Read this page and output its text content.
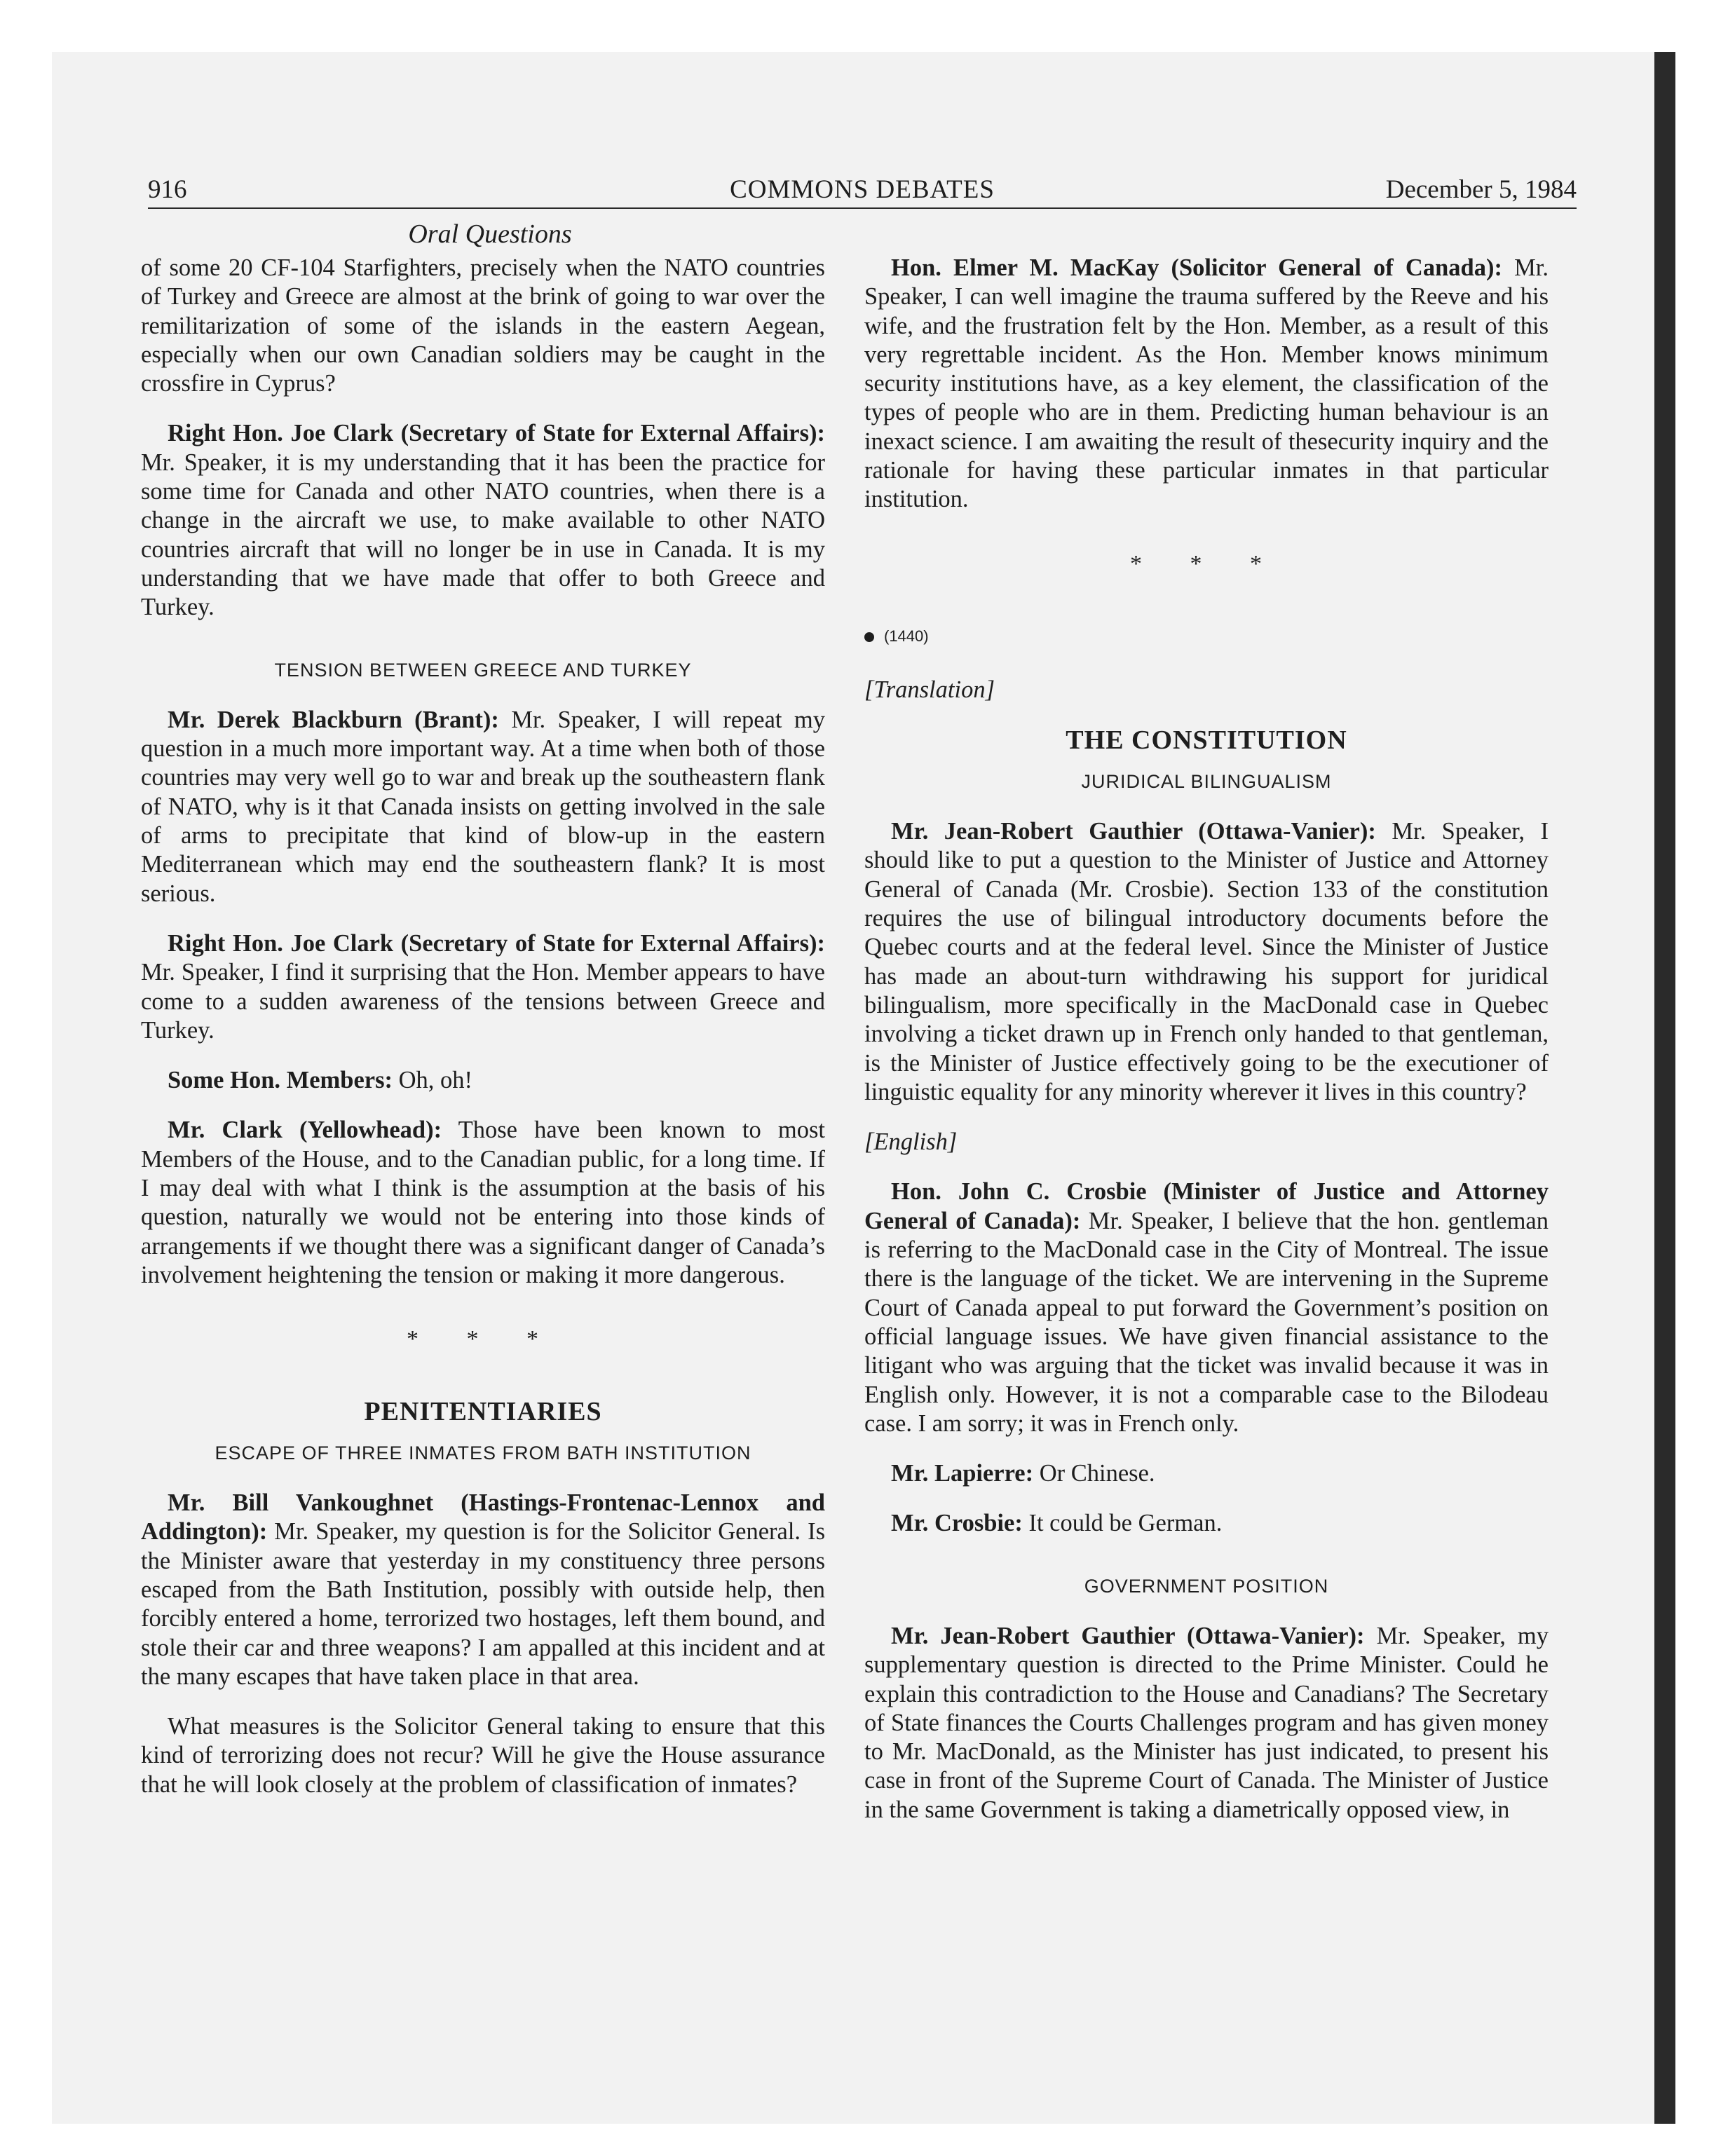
916	COMMONS DEBATES	December 5, 1984
Oral Questions

of some 20 CF-104 Starfighters, precisely when the NATO countries of Turkey and Greece are almost at the brink of going to war over the remilitarization of some of the islands in the eastern Aegean, especially when our own Canadian soldiers may be caught in the crossfire in Cyprus?

Right Hon. Joe Clark (Secretary of State for External Affairs): Mr. Speaker, it is my understanding that it has been the practice for some time for Canada and other NATO countries, when there is a change in the aircraft we use, to make available to other NATO countries aircraft that will no longer be in use in Canada. It is my understanding that we have made that offer to both Greece and Turkey.

TENSION BETWEEN GREECE AND TURKEY

Mr. Derek Blackburn (Brant): Mr. Speaker, I will repeat my question in a much more important way. At a time when both of those countries may very well go to war and break up the southeastern flank of NATO, why is it that Canada insists on getting involved in the sale of arms to precipitate that kind of blow-up in the eastern Mediterranean which may end the southeastern flank? It is most serious.

Right Hon. Joe Clark (Secretary of State for External Affairs): Mr. Speaker, I find it surprising that the Hon. Member appears to have come to a sudden awareness of the tensions between Greece and Turkey.

Some Hon. Members: Oh, oh!

Mr. Clark (Yellowhead): Those have been known to most Members of the House, and to the Canadian public, for a long time. If I may deal with what I think is the assumption at the basis of his question, naturally we would not be entering into those kinds of arrangements if we thought there was a significant danger of Canada’s involvement heightening the tension or making it more dangerous.

* * *
PENITENTIARIES
ESCAPE OF THREE INMATES FROM BATH INSTITUTION

Mr. Bill Vankoughnet (Hastings-Frontenac-Lennox and Addington): Mr. Speaker, my question is for the Solicitor General. Is the Minister aware that yesterday in my constituency three persons escaped from the Bath Institution, possibly with outside help, then forcibly entered a home, terrorized two hostages, left them bound, and stole their car and three weapons? I am appalled at this incident and at the many escapes that have taken place in that area.

What measures is the Solicitor General taking to ensure that this kind of terrorizing does not recur? Will he give the House assurance that he will look closely at the problem of classification of inmates?

Hon. Elmer M. MacKay (Solicitor General of Canada): Mr. Speaker, I can well imagine the trauma suffered by the Reeve and his wife, and the frustration felt by the Hon. Member, as a result of this very regrettable incident. As the Hon. Member knows minimum security institutions have, as a key element, the classification of the types of people who are in them. Predicting human behaviour is an inexact science. I am awaiting the result of thesecurity inquiry and the rationale for having these particular inmates in that particular institution.

* * *
(1440)

[Translation]

THE CONSTITUTION
JURIDICAL BILINGUALISM

Mr. Jean-Robert Gauthier (Ottawa-Vanier): Mr. Speaker, I should like to put a question to the Minister of Justice and Attorney General of Canada (Mr. Crosbie). Section 133 of the constitution requires the use of bilingual introductory documents before the Quebec courts and at the federal level. Since the Minister of Justice has made an about-turn withdrawing his support for juridical bilingualism, more specifically in the MacDonald case in Quebec involving a ticket drawn up in French only handed to that gentleman, is the Minister of Justice effectively going to be the executioner of linguistic equality for any minority wherever it lives in this country?

[English]

Hon. John C. Crosbie (Minister of Justice and Attorney General of Canada): Mr. Speaker, I believe that the hon. gentleman is referring to the MacDonald case in the City of Montreal. The issue there is the language of the ticket. We are intervening in the Supreme Court of Canada appeal to put forward the Government’s position on official language issues. We have given financial assistance to the litigant who was arguing that the ticket was invalid because it was in English only. However, it is not a comparable case to the Bilodeau case. I am sorry; it was in French only.

Mr. Lapierre: Or Chinese.

Mr. Crosbie: It could be German.

GOVERNMENT POSITION

Mr. Jean-Robert Gauthier (Ottawa-Vanier): Mr. Speaker, my supplementary question is directed to the Prime Minister. Could he explain this contradiction to the House and Canadians? The Secretary of State finances the Courts Challenges program and has given money to Mr. MacDonald, as the Minister has just indicated, to present his case in front of the Supreme Court of Canada. The Minister of Justice in the same Government is taking a diametrically opposed view, in
